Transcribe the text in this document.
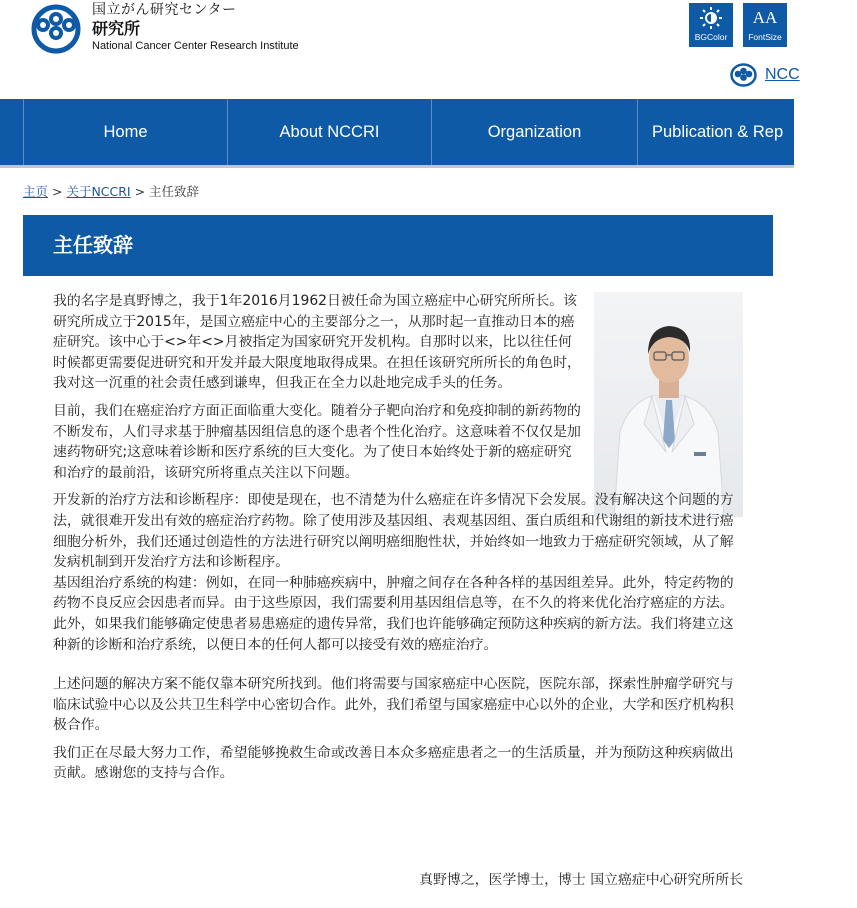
国立がん研究センター
研究所
National Cancer Center Research Institute
BGColor
AA
FontSize
NCC
Home	About NCCRI	Organization	Publication & Rep
主页 > 关于NCCRI > 主任致辞
主任致辞

我的名字是真野博之，我于1年2016月1962日被任命为国立癌症中心研究所所长。该研究所成立于2015年，是国立癌症中心的主要部分之一，从那时起一直推动日本的癌症研究。该中心于<>年<>月被指定为国家研究开发机构。自那时以来，比以往任何时候都更需要促进研究和开发并最大限度地取得成果。在担任该研究所所长的角色时，我对这一沉重的社会责任感到谦卑，但我正在全力以赴地完成手头的任务。

目前，我们在癌症治疗方面正面临重大变化。随着分子靶向治疗和免疫抑制的新药物的不断发布，人们寻求基于肿瘤基因组信息的逐个患者个性化治疗。这意味着不仅仅是加速药物研究;这意味着诊断和医疗系统的巨大变化。为了使日本始终处于新的癌症研究和治疗的最前沿，该研究所将重点关注以下问题。

开发新的治疗方法和诊断程序：即使是现在，也不清楚为什么癌症在许多情况下会发展。没有解决这个问题的方法，就很难开发出有效的癌症治疗药物。除了使用涉及基因组、表观基因组、蛋白质组和代谢组的新技术进行癌细胞分析外，我们还通过创造性的方法进行研究以阐明癌细胞性状，并始终如一地致力于癌症研究领域，从了解发病机制到开发治疗方法和诊断程序。

基因组治疗系统的构建：例如，在同一种肺癌疾病中，肿瘤之间存在各种各样的基因组差异。此外，特定药物的药物不良反应会因患者而异。由于这些原因，我们需要利用基因组信息等，在不久的将来优化治疗癌症的方法。此外，如果我们能够确定使患者易患癌症的遗传异常，我们也许能够确定预防这种疾病的新方法。我们将建立这种新的诊断和治疗系统，以便日本的任何人都可以接受有效的癌症治疗。

上述问题的解决方案不能仅靠本研究所找到。他们将需要与国家癌症中心医院，医院东部，探索性肿瘤学研究与临床试验中心以及公共卫生科学中心密切合作。此外，我们希望与国家癌症中心以外的企业，大学和医疗机构积极合作。

我们正在尽最大努力工作，希望能够挽救生命或改善日本众多癌症患者之一的生活质量，并为预防这种疾病做出贡献。感谢您的支持与合作。

真野博之，医学博士，博士 国立癌症中心研究所所长
